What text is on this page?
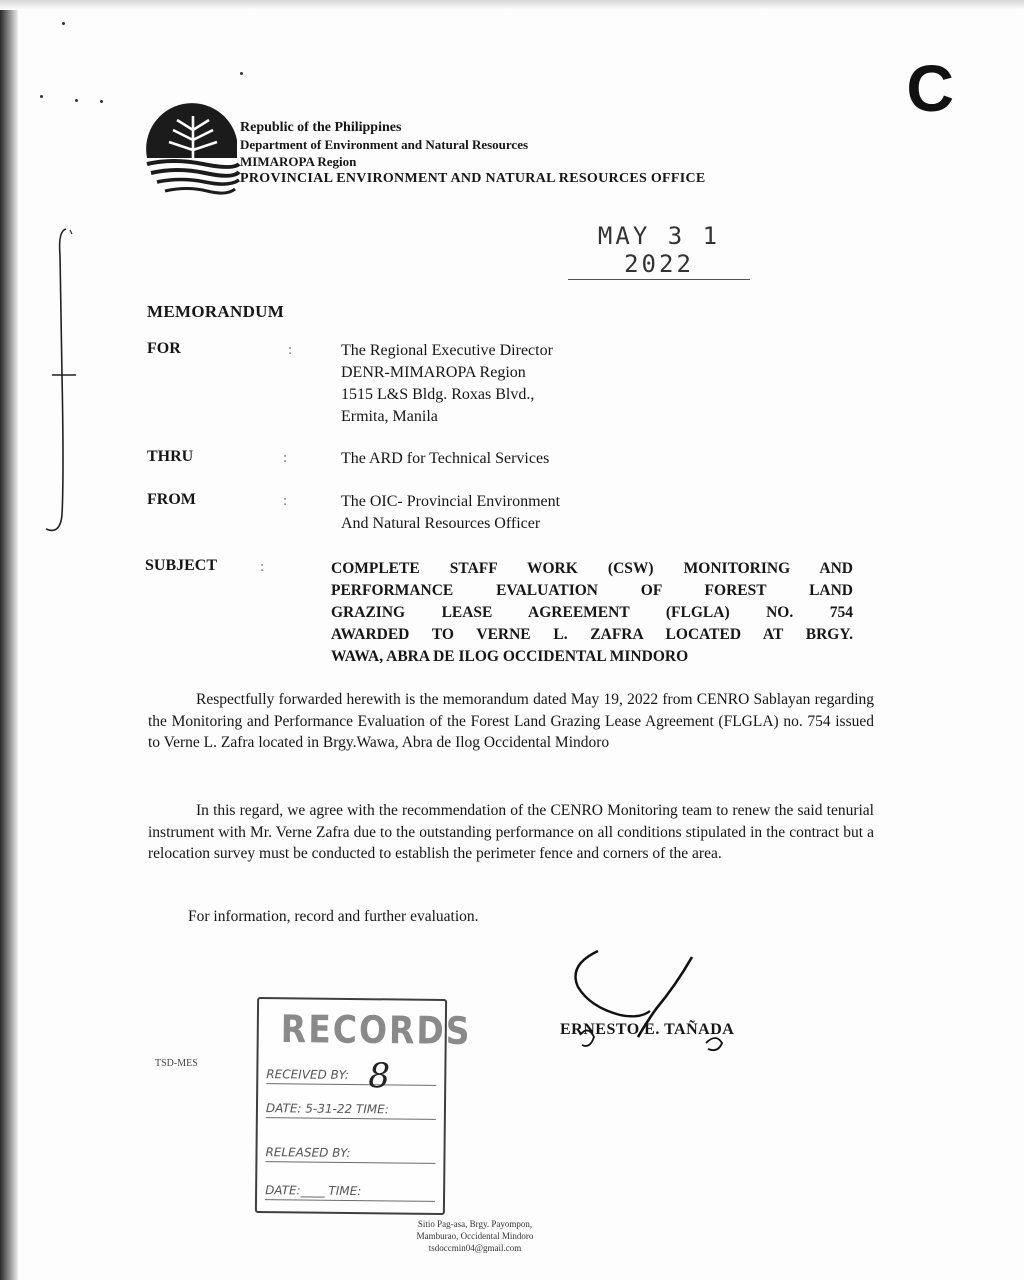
C
Republic of the Philippines
Department of Environment and Natural Resources
MIMAROPA Region
PROVINCIAL ENVIRONMENT AND NATURAL RESOURCES OFFICE
MAY 3 1 2022
MEMORANDUM
FOR	:	The Regional Executive Director
DENR-MIMAROPA Region
1515 L&S Bldg. Roxas Blvd.,
Ermita, Manila
THRU	:	The ARD for Technical Services
FROM	:	The OIC- Provincial Environment
And Natural Resources Officer
SUBJECT	:	COMPLETE STAFF WORK (CSW) MONITORING AND
PERFORMANCE EVALUATION OF FOREST LAND
GRAZING LEASE AGREEMENT (FLGLA) NO. 754
AWARDED TO VERNE L. ZAFRA LOCATED AT BRGY.
WAWA, ABRA DE ILOG OCCIDENTAL MINDORO
Respectfully forwarded herewith is the memorandum dated May 19, 2022 from CENRO Sablayan regarding the Monitoring and Performance Evaluation of the Forest Land Grazing Lease Agreement (FLGLA) no. 754 issued to Verne L. Zafra located in Brgy.Wawa, Abra de Ilog Occidental Mindoro
In this regard, we agree with the recommendation of the CENRO Monitoring team to renew the said tenurial instrument with Mr. Verne Zafra due to the outstanding performance on all conditions stipulated in the contract but a relocation survey must be conducted to establish the perimeter fence and corners of the area.
For information, record and further evaluation.
ERNESTO E. TAÑADA
TSD-MES
RECORDS
RECEIVED BY: 8
DATE: 5-31-22 TIME:
RELEASED BY:
DATE:____ TIME:
Sitio Pag-asa, Brgy. Payompon,
Mamburao, Occidental Mindoro
tsdoccmin04@gmail.com
